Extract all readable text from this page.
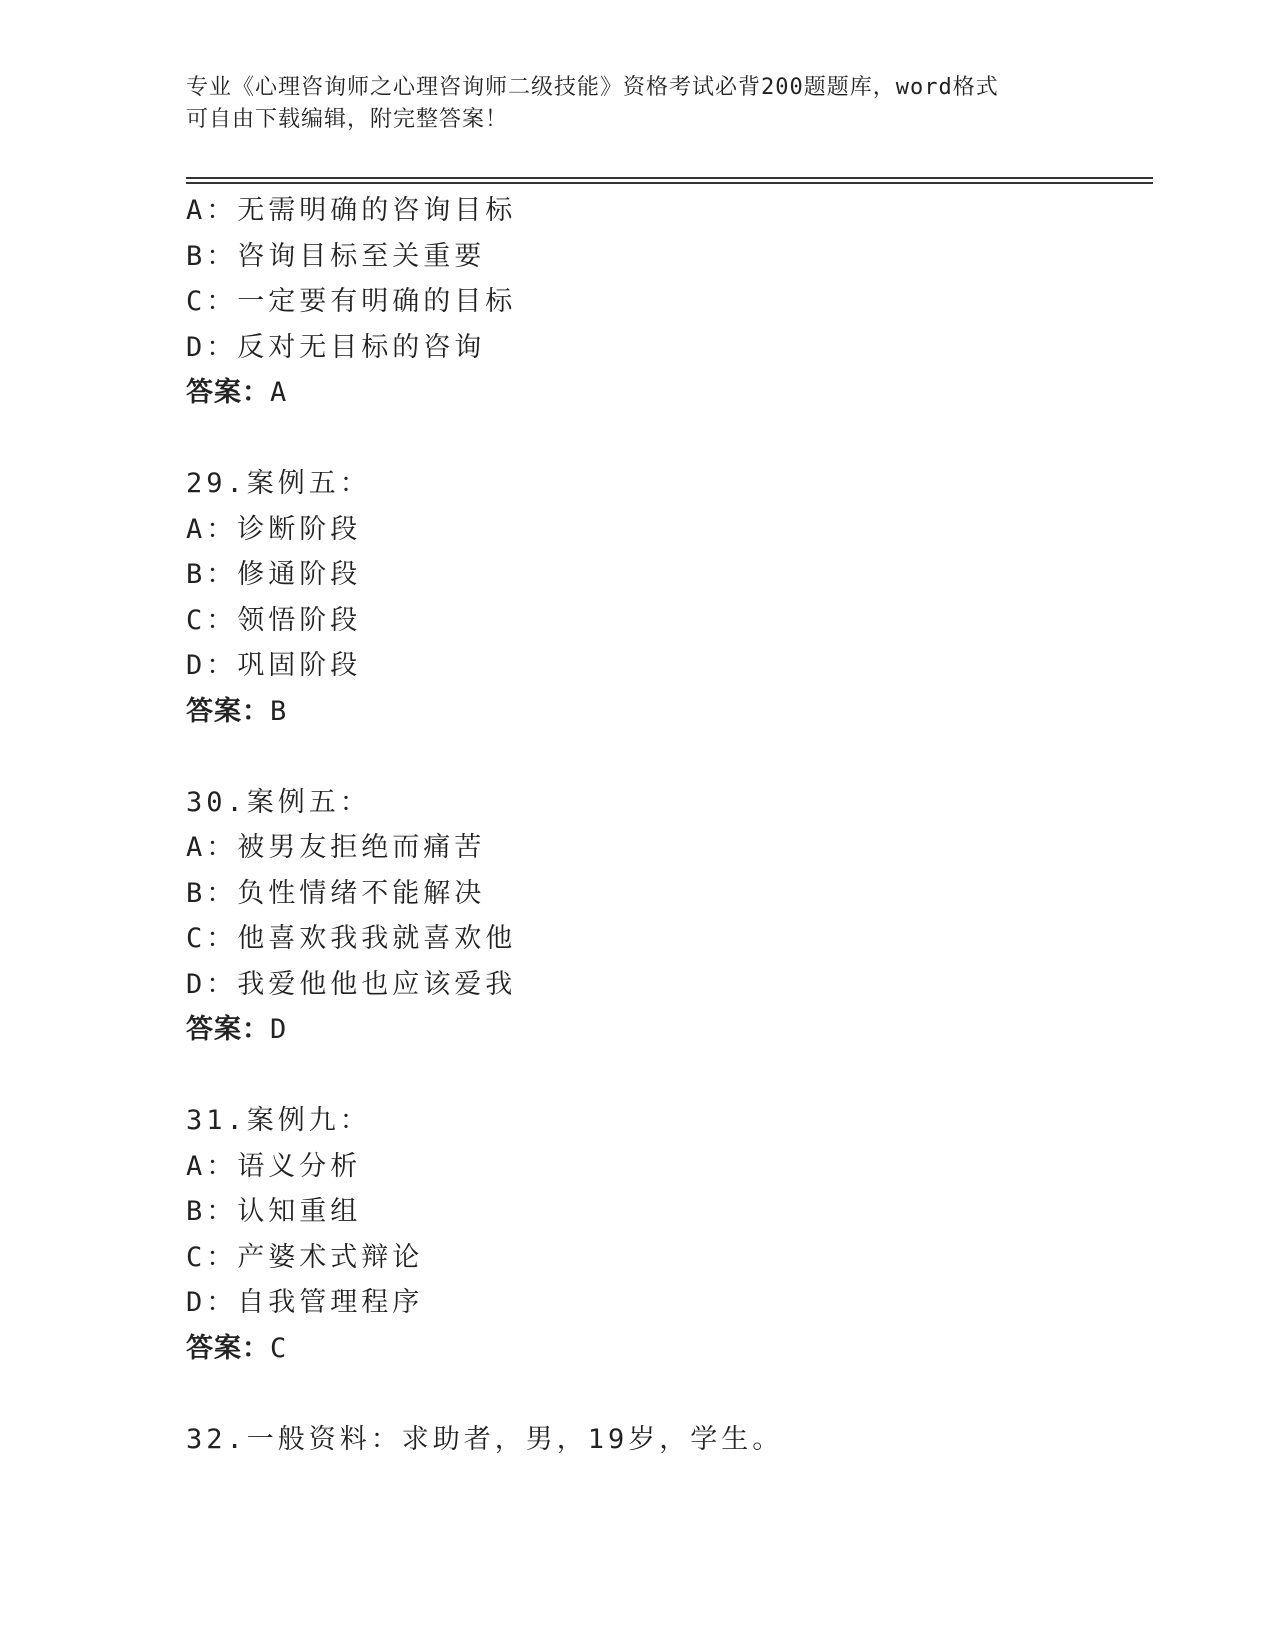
专业《心理咨询师之心理咨询师二级技能》资格考试必背200题题库，word格式
可自由下载编辑，附完整答案！
A：无需明确的咨询目标
B：咨询目标至关重要
C：一定要有明确的目标
D：反对无目标的咨询
答案：A
29.案例五：
A：诊断阶段
B：修通阶段
C：领悟阶段
D：巩固阶段
答案：B
30.案例五：
A：被男友拒绝而痛苦
B：负性情绪不能解决
C：他喜欢我我就喜欢他
D：我爱他他也应该爱我
答案：D
31.案例九：
A：语义分析
B：认知重组
C：产婆术式辩论
D：自我管理程序
答案：C
32.一般资料：求助者，男，19岁，学生。
